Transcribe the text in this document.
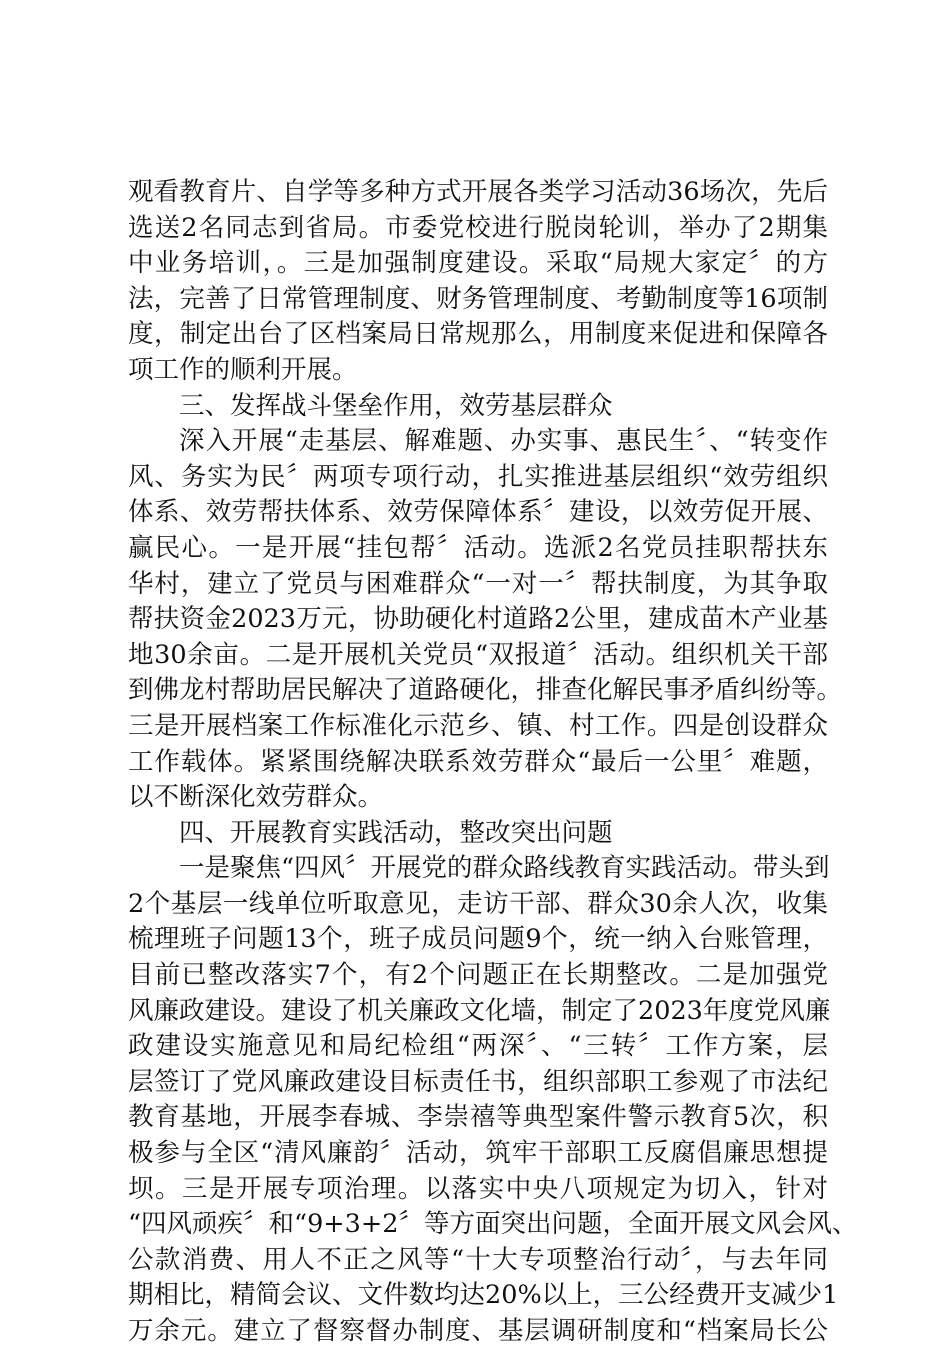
观看教育片、自学等多种方式开展各类学习活动36场次，先后
选送2名同志到省局。市委党校进行脱岗轮训，举办了2期集
中业务培训，。三是加强制度建设。采取“局规大家定〞的方
法，完善了日常管理制度、财务管理制度、考勤制度等16项制
度，制定出台了区档案局日常规那么，用制度来促进和保障各
项工作的顺利开展。
三、发挥战斗堡垒作用，效劳基层群众
深入开展“走基层、解难题、办实事、惠民生〞、“转变作
风、务实为民〞两项专项行动，扎实推进基层组织“效劳组织
体系、效劳帮扶体系、效劳保障体系〞建设，以效劳促开展、
赢民心。一是开展“挂包帮〞活动。选派2名党员挂职帮扶东
华村，建立了党员与困难群众“一对一〞帮扶制度，为其争取
帮扶资金2023万元，协助硬化村道路2公里，建成苗木产业基
地30余亩。二是开展机关党员“双报道〞活动。组织机关干部
到佛龙村帮助居民解决了道路硬化，排查化解民事矛盾纠纷等。
三是开展档案工作标准化示范乡、镇、村工作。四是创设群众
工作载体。紧紧围绕解决联系效劳群众“最后一公里〞难题，
以不断深化效劳群众。
四、开展教育实践活动，整改突出问题
一是聚焦“四风〞开展党的群众路线教育实践活动。带头到
2个基层一线单位听取意见，走访干部、群众30余人次，收集
梳理班子问题13个，班子成员问题9个，统一纳入台账管理，
目前已整改落实7个，有2个问题正在长期整改。二是加强党
风廉政建设。建设了机关廉政文化墙，制定了2023年度党风廉
政建设实施意见和局纪检组“两深〞、“三转〞工作方案，层
层签订了党风廉政建设目标责任书，组织部职工参观了市法纪
教育基地，开展李春城、李崇禧等典型案件警示教育5次，积
极参与全区“清风廉韵〞活动，筑牢干部职工反腐倡廉思想提
坝。三是开展专项治理。以落实中央八项规定为切入，针对
“四风顽疾〞和“9+3+2〞等方面突出问题，全面开展文风会风、
公款消费、用人不正之风等“十大专项整治行动〞，与去年同
期相比，精简会议、文件数均达20%以上，三公经费开支减少1
万余元。建立了督察督办制度、基层调研制度和“档案局长公
